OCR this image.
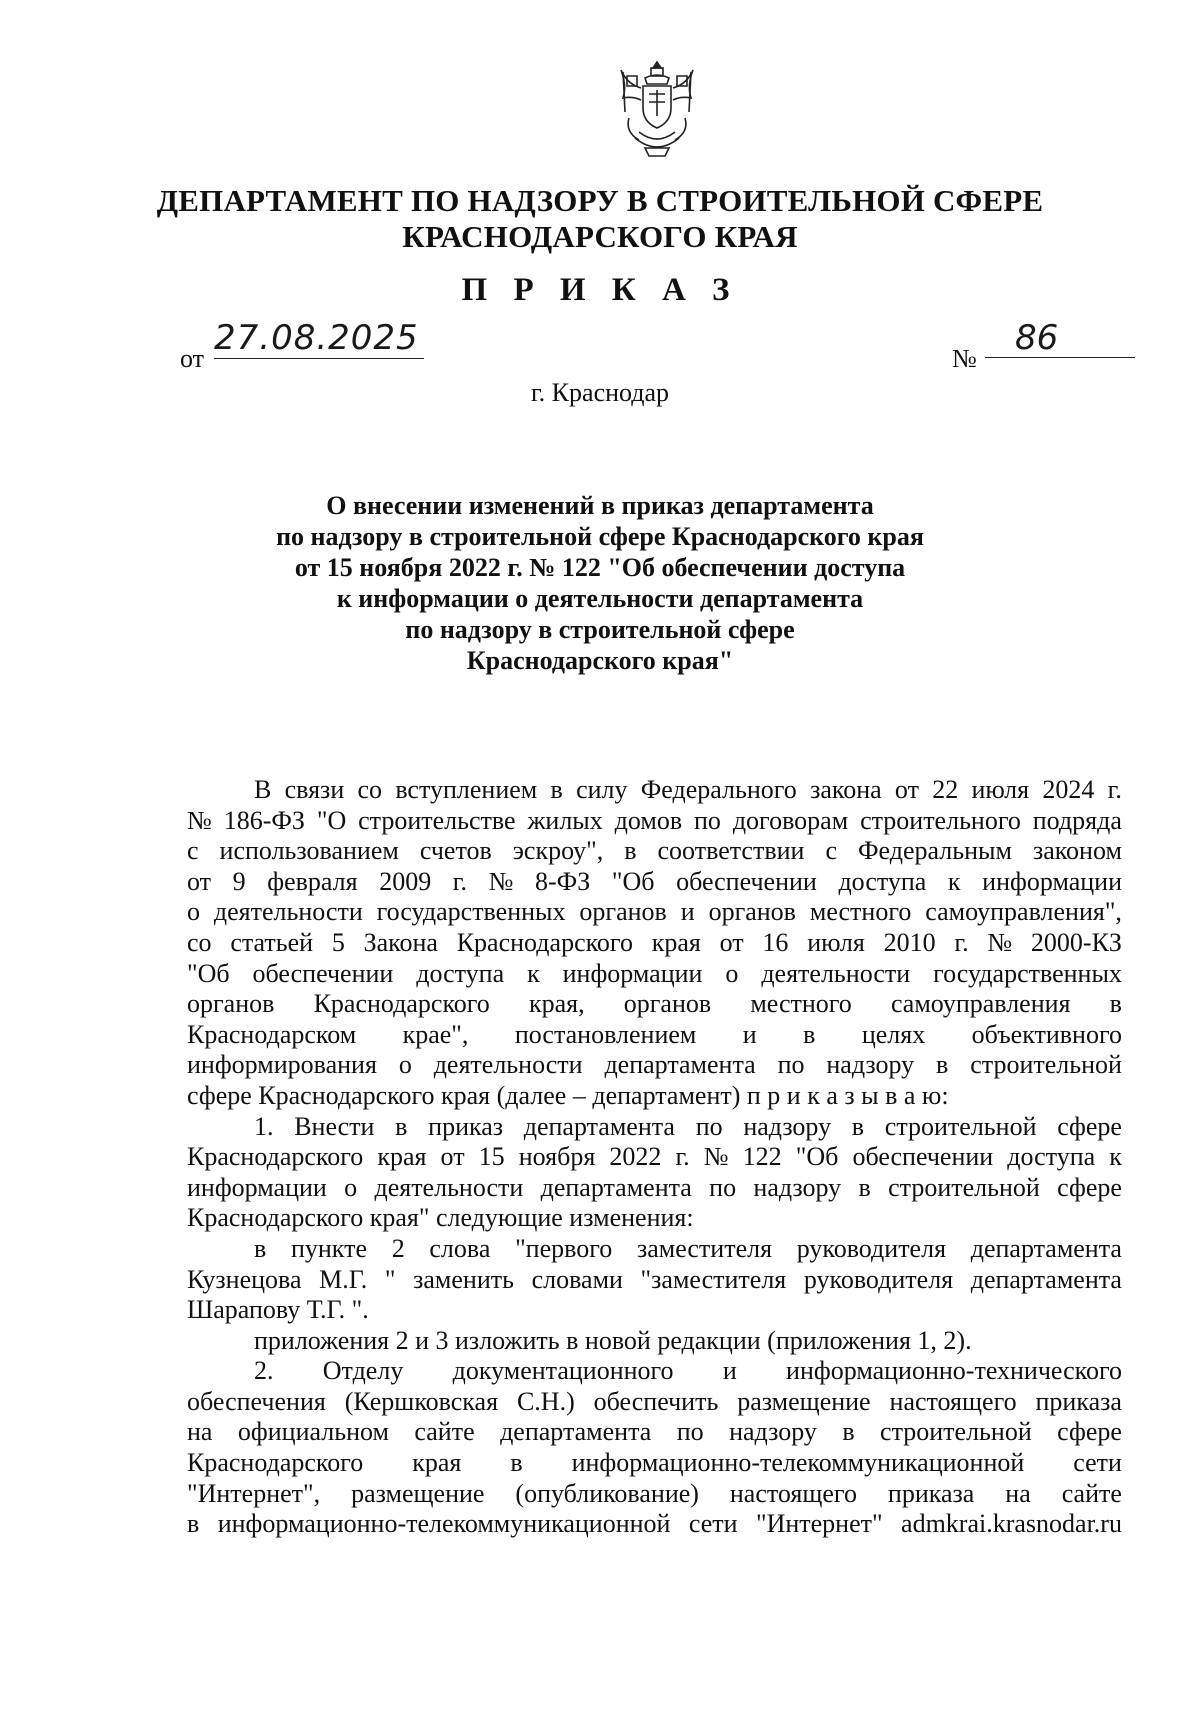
ДЕПАРТАМЕНТ ПО НАДЗОРУ В СТРОИТЕЛЬНОЙ СФЕРЕ
КРАСНОДАРСКОГО КРАЯ
П Р И К А З
от
27.08.2025
№
86
г. Краснодар
О внесении изменений в приказ департамента
по надзору в строительной сфере Краснодарского края
от 15 ноября 2022 г. № 122 "Об обеспечении доступа
к информации о деятельности департамента
по надзору в строительной сфере
Краснодарского края"
В связи со вступлением в силу Федерального закона от 22 июля 2024 г.
№ 186-ФЗ "О строительстве жилых домов по договорам строительного подряда
с использованием счетов эскроу", в соответствии с Федеральным законом
от 9 февраля 2009 г. № 8-ФЗ "Об обеспечении доступа к информации
о деятельности государственных органов и органов местного самоуправления",
со статьей 5 Закона Краснодарского края от 16 июля 2010 г. № 2000-КЗ
"Об обеспечении доступа к информации о деятельности государственных
органов Краснодарского края, органов местного самоуправления в
Краснодарском крае", постановлением и в целях объективного
информирования о деятельности департамента по надзору в строительной
сфере Краснодарского края (далее – департамент) п р и к а з ы в а ю:
1. Внести в приказ департамента по надзору в строительной сфере
Краснодарского края от 15 ноября 2022 г. № 122 "Об обеспечении доступа к
информации о деятельности департамента по надзору в строительной сфере
Краснодарского края" следующие изменения:
в пункте 2 слова "первого заместителя руководителя департамента
Кузнецова М.Г. " заменить словами "заместителя руководителя департамента
Шарапову Т.Г. ".
приложения 2 и 3 изложить в новой редакции (приложения 1, 2).
2. Отделу документационного и информационно-технического
обеспечения (Кершковская С.Н.) обеспечить размещение настоящего приказа
на официальном сайте департамента по надзору в строительной сфере
Краснодарского края в информационно-телекоммуникационной сети
"Интернет", размещение (опубликование) настоящего приказа на сайте
в информационно-телекоммуникационной сети "Интернет" admkrai.krasnodar.ru
